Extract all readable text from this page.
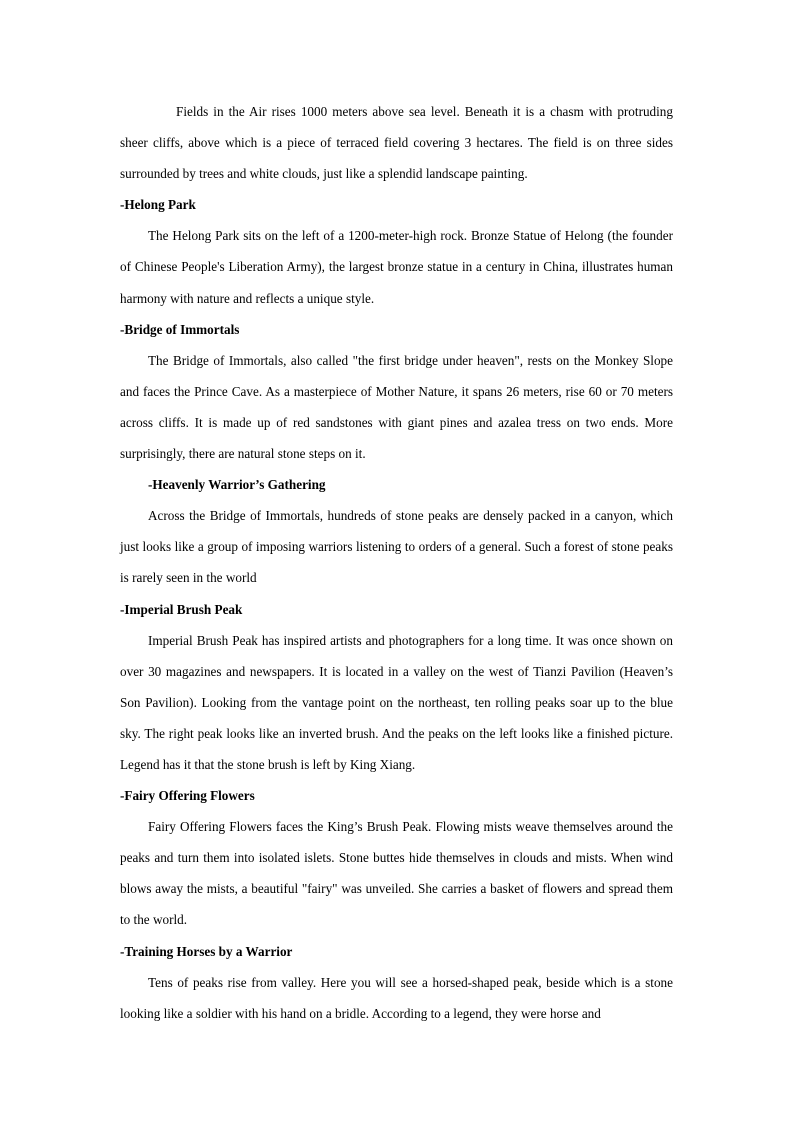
Fields in the Air rises 1000 meters above sea level. Beneath it is a chasm with protruding sheer cliffs, above which is a piece of terraced field covering 3 hectares. The field is on three sides surrounded by trees and white clouds, just like a splendid landscape painting.

-Helong Park

The Helong Park sits on the left of a 1200-meter-high rock. Bronze Statue of Helong (the founder of Chinese People's Liberation Army), the largest bronze statue in a century in China, illustrates human harmony with nature and reflects a unique style.

-Bridge of Immortals

The Bridge of Immortals, also called "the first bridge under heaven", rests on the Monkey Slope and faces the Prince Cave. As a masterpiece of Mother Nature, it spans 26 meters, rise 60 or 70 meters across cliffs. It is made up of red sandstones with giant pines and azalea tress on two ends. More surprisingly, there are natural stone steps on it.

-Heavenly Warrior’s Gathering

Across the Bridge of Immortals, hundreds of stone peaks are densely packed in a canyon, which just looks like a group of imposing warriors listening to orders of a general. Such a forest of stone peaks is rarely seen in the world

-Imperial Brush Peak

Imperial Brush Peak has inspired artists and photographers for a long time. It was once shown on over 30 magazines and newspapers. It is located in a valley on the west of Tianzi Pavilion (Heaven’s Son Pavilion). Looking from the vantage point on the northeast, ten rolling peaks soar up to the blue sky. The right peak looks like an inverted brush. And the peaks on the left looks like a finished picture. Legend has it that the stone brush is left by King Xiang.

-Fairy Offering Flowers

Fairy Offering Flowers faces the King’s Brush Peak. Flowing mists weave themselves around the peaks and turn them into isolated islets. Stone buttes hide themselves in clouds and mists. When wind blows away the mists, a beautiful "fairy" was unveiled. She carries a basket of flowers and spread them to the world.

-Training Horses by a Warrior

Tens of peaks rise from valley. Here you will see a horsed-shaped peak, beside which is a stone looking like a soldier with his hand on a bridle. According to a legend, they were horse and
